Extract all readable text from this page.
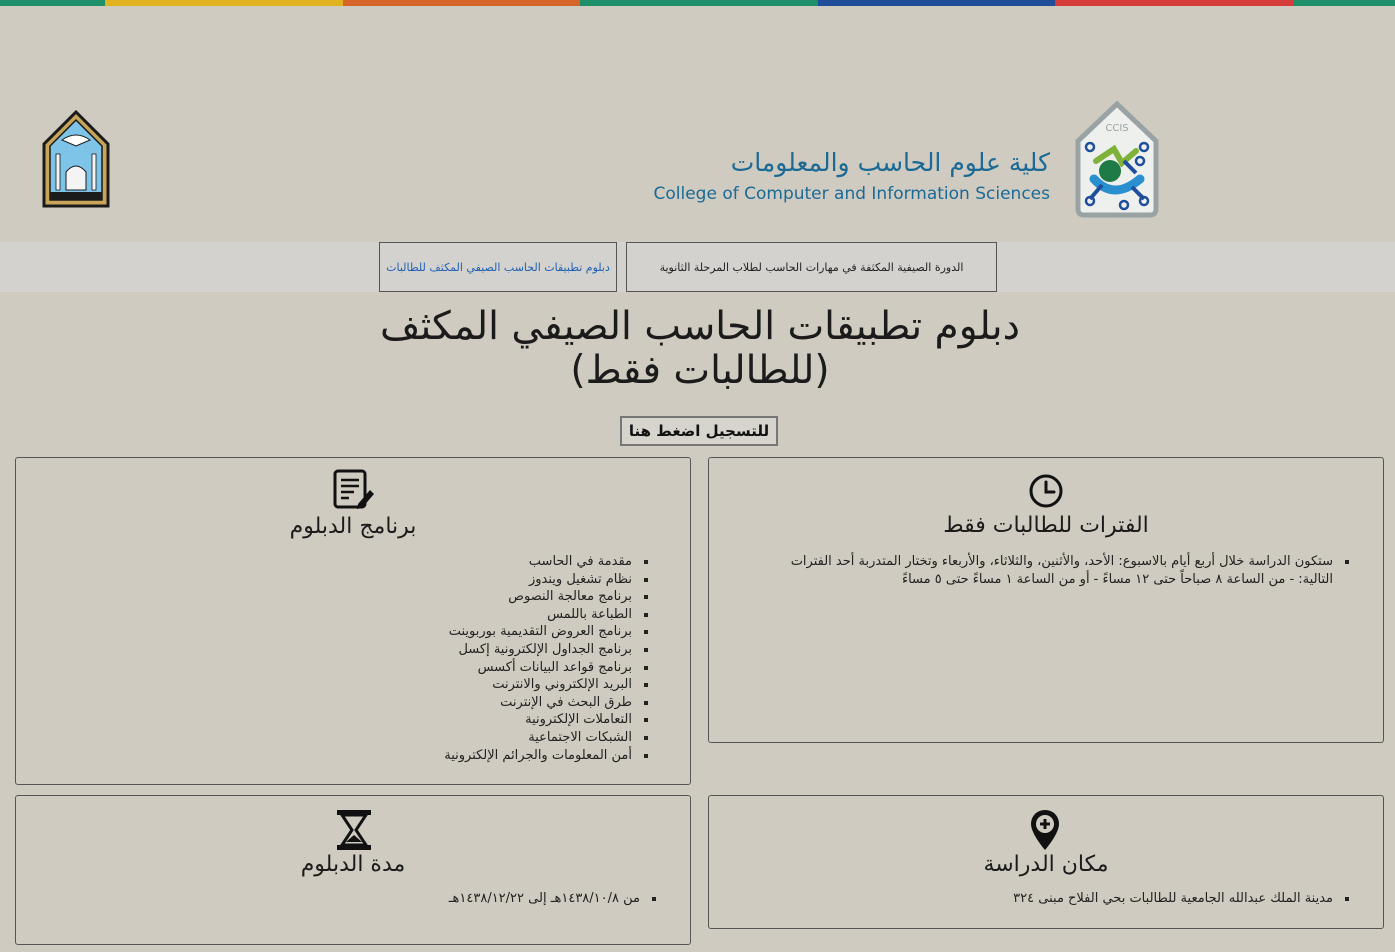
CCIS
كلية علوم الحاسب والمعلومات
College of Computer and Information Sciences
الدورة الصيفية المكثفة في مهارات الحاسب لطلاب المرحلة الثانوية
دبلوم تطبيقات الحاسب الصيفي المكثف للطالبات
دبلوم تطبيقات الحاسب الصيفي المكثف
(للطالبات فقط)
للتسجيل اضغط هنا
الفترات للطالبات فقط
▪ ستكون الدراسة خلال أربع أيام بالاسبوع: الأحد، والأثنين، والثلاثاء، والأربعاء وتختار المتدربة أحد الفترات التالية: - من الساعة ٨ صباحاً حتى ١٢ مساءً - أو من الساعة ١ مساءً حتى ٥ مساءً
برنامج الدبلوم
▪ مقدمة في الحاسب
▪ نظام تشغيل ويندوز
▪ برنامج معالجة النصوص
▪ الطباعة باللمس
▪ برنامج العروض التقديمية بوربوينت
▪ برنامج الجداول الإلكترونية إكسل
▪ برنامج قواعد البيانات أكسس
▪ البريد الإلكتروني والانترنت
▪ طرق البحث في الإنترنت
▪ التعاملات الإلكترونية
▪ الشبكات الاجتماعية
▪ أمن المعلومات والجرائم الإلكترونية
مكان الدراسة
▪ مدينة الملك عبدالله الجامعية للطالبات بحي الفلاح مبنى ٣٢٤
مدة الدبلوم
▪ من ١٤٣٨/١٠/٨هـ إلى ١٤٣٨/١٢/٢٢هـ
